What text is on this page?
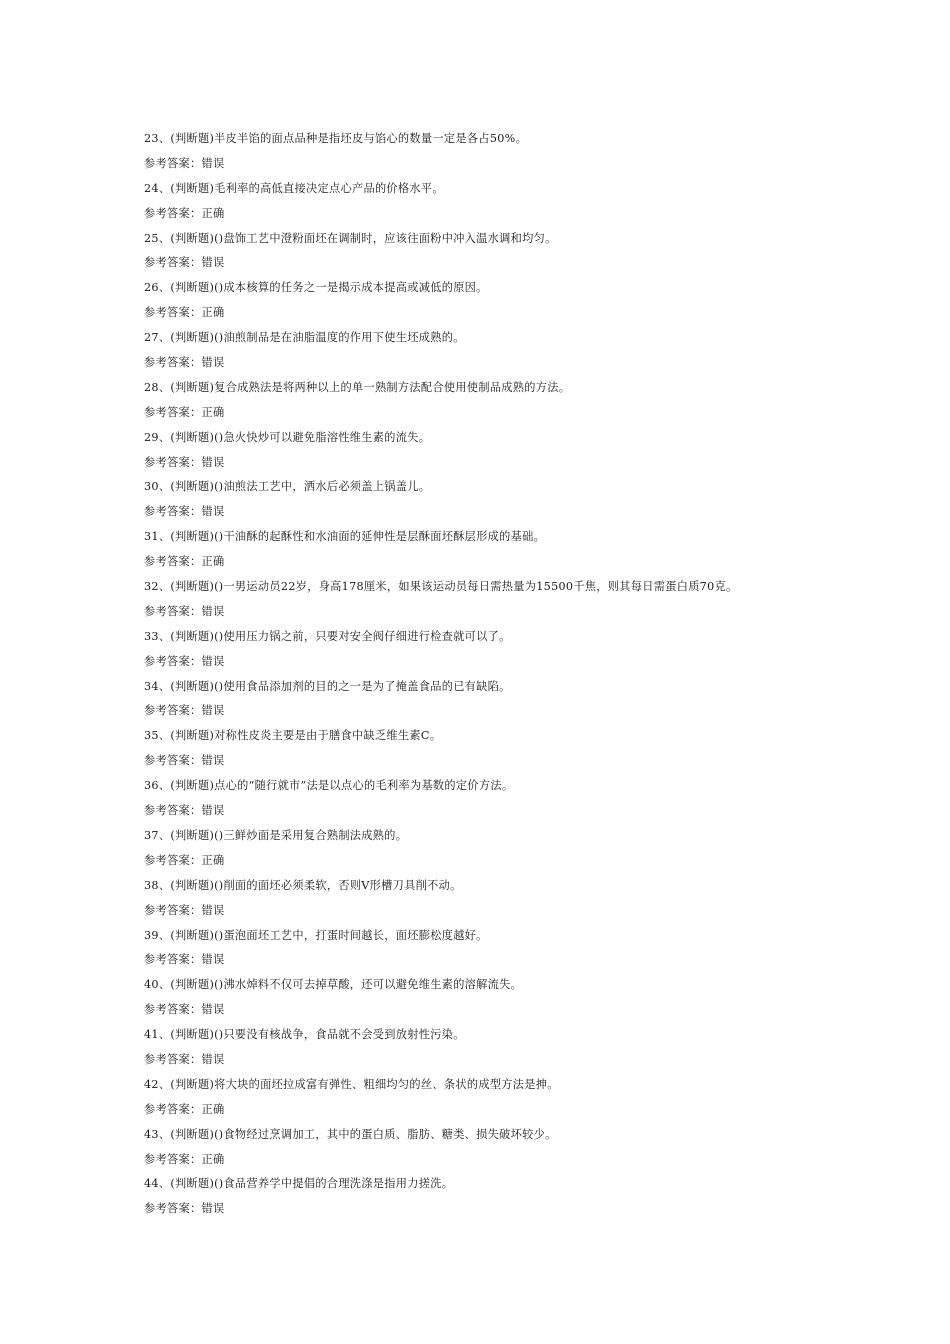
23、(判断题)半皮半馅的面点品种是指坯皮与馅心的数量一定是各占50%。
参考答案：错误
24、(判断题)毛利率的高低直接决定点心产品的价格水平。
参考答案：正确
25、(判断题)()盘饰工艺中澄粉面坯在调制时，应该往面粉中冲入温水调和均匀。
参考答案：错误
26、(判断题)()成本核算的任务之一是揭示成本提高或减低的原因。
参考答案：正确
27、(判断题)()油煎制品是在油脂温度的作用下使生坯成熟的。
参考答案：错误
28、(判断题)复合成熟法是将两种以上的单一熟制方法配合使用使制品成熟的方法。
参考答案：正确
29、(判断题)()急火快炒可以避免脂溶性维生素的流失。
参考答案：错误
30、(判断题)()油煎法工艺中，洒水后必须盖上锅盖儿。
参考答案：错误
31、(判断题)()干油酥的起酥性和水油面的延伸性是层酥面坯酥层形成的基础。
参考答案：正确
32、(判断题)()一男运动员22岁，身高178厘米，如果该运动员每日需热量为15500千焦，则其每日需蛋白质70克。
参考答案：错误
33、(判断题)()使用压力锅之前，只要对安全阀仔细进行检查就可以了。
参考答案：错误
34、(判断题)()使用食品添加剂的目的之一是为了掩盖食品的已有缺陷。
参考答案：错误
35、(判断题)对称性皮炎主要是由于膳食中缺乏维生素C。
参考答案：错误
36、(判断题)点心的“随行就市”法是以点心的毛利率为基数的定价方法。
参考答案：错误
37、(判断题)()三鲜炒面是采用复合熟制法成熟的。
参考答案：正确
38、(判断题)()削面的面坯必须柔软，否则V形槽刀具削不动。
参考答案：错误
39、(判断题)()蛋泡面坯工艺中，打蛋时间越长，面坯膨松度越好。
参考答案：错误
40、(判断题)()沸水焯料不仅可去掉草酸，还可以避免维生素的溶解流失。
参考答案：错误
41、(判断题)()只要没有核战争，食品就不会受到放射性污染。
参考答案：错误
42、(判断题)将大块的面坯拉成富有弹性、粗细均匀的丝、条状的成型方法是抻。
参考答案：正确
43、(判断题)()食物经过烹调加工，其中的蛋白质、脂肪、糖类、损失破坏较少。
参考答案：正确
44、(判断题)()食品营养学中提倡的合理洗涤是指用力搓洗。
参考答案：错误
